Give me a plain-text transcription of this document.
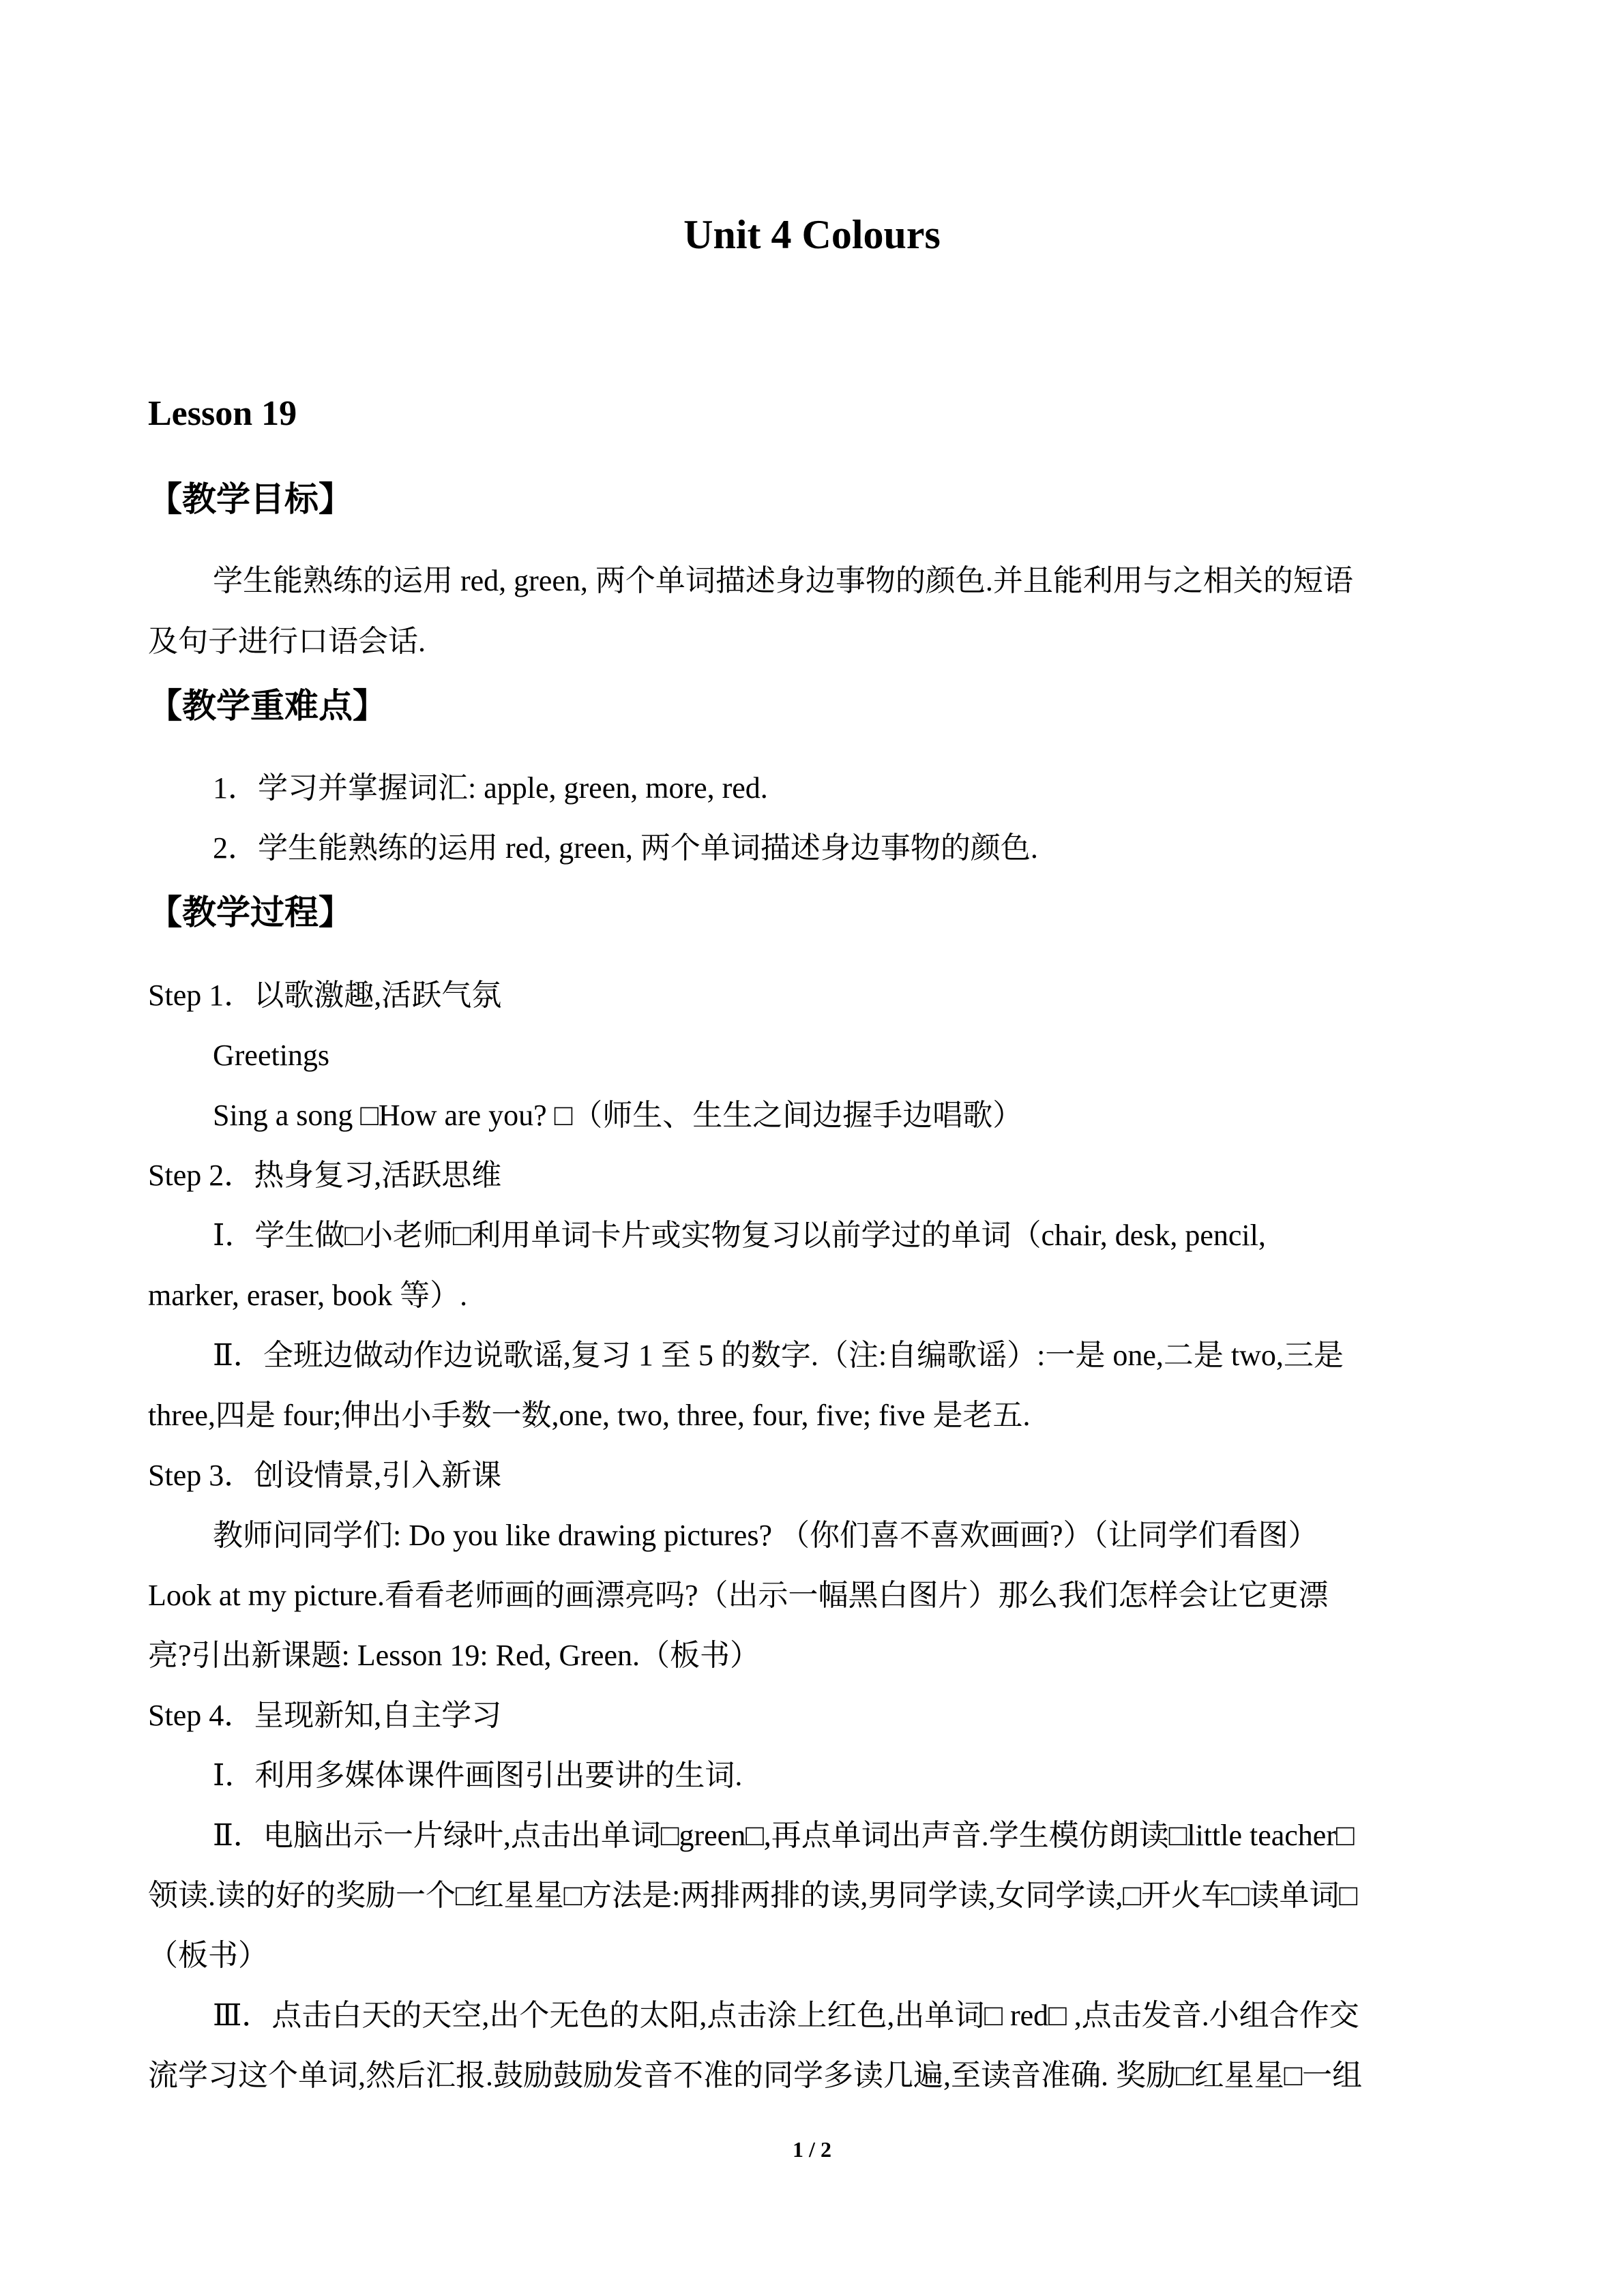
Unit 4 Colours
Lesson 19
【教学目标】
学生能熟练的运用 red, green, 两个单词描述身边事物的颜色.并且能利用与之相关的短语
及句子进行口语会话.
【教学重难点】
1．学习并掌握词汇: apple, green, more, red.
2．学生能熟练的运用 red, green, 两个单词描述身边事物的颜色.
【教学过程】
Step 1．以歌激趣,活跃气氛
Greetings
Sing a song □How are you? □（师生、生生之间边握手边唱歌）
Step 2．热身复习,活跃思维
Ⅰ．学生做□小老师□利用单词卡片或实物复习以前学过的单词（chair, desk, pencil,
marker, eraser, book 等）.
Ⅱ．全班边做动作边说歌谣,复习 1 至 5 的数字.（注:自编歌谣）:一是 one,二是 two,三是
three,四是 four;伸出小手数一数,one, two, three, four, five; five 是老五.
Step 3．创设情景,引入新课
教师问同学们: Do you like drawing pictures? （你们喜不喜欢画画?）（让同学们看图）
Look at my picture.看看老师画的画漂亮吗?（出示一幅黑白图片）那么我们怎样会让它更漂
亮?引出新课题: Lesson 19: Red, Green.（板书）
Step 4．呈现新知,自主学习
Ⅰ．利用多媒体课件画图引出要讲的生词.
Ⅱ．电脑出示一片绿叶,点击出单词□green□,再点单词出声音.学生模仿朗读□little teacher□
领读.读的好的奖励一个□红星星□方法是:两排两排的读,男同学读,女同学读,□开火车□读单词□
（板书）
Ⅲ．点击白天的天空,出个无色的太阳,点击涂上红色,出单词□ red□ ,点击发音.小组合作交
流学习这个单词,然后汇报.鼓励鼓励发音不准的同学多读几遍,至读音准确. 奖励□红星星□一组
1 / 2
